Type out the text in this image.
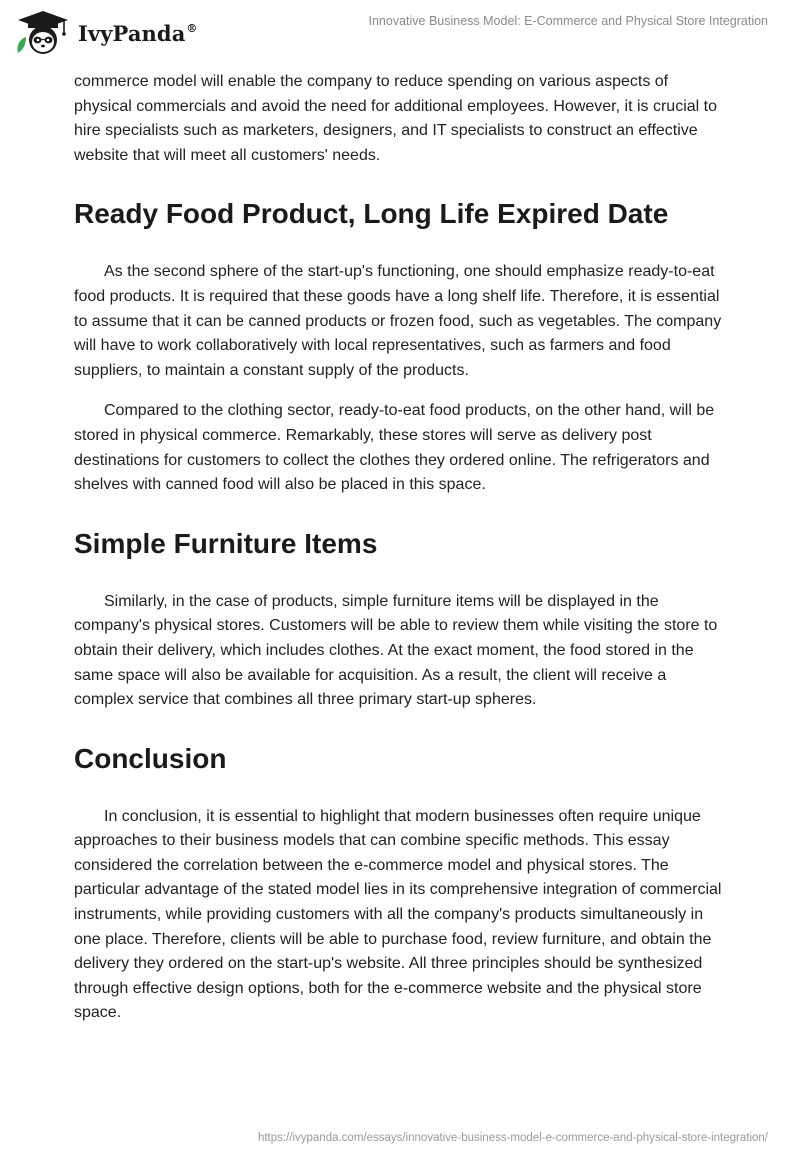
IvyPanda®	Innovative Business Model: E-Commerce and Physical Store Integration

commerce model will enable the company to reduce spending on various aspects of physical commercials and avoid the need for additional employees. However, it is crucial to hire specialists such as marketers, designers, and IT specialists to construct an effective website that will meet all customers' needs.

Ready Food Product, Long Life Expired Date

As the second sphere of the start-up's functioning, one should emphasize ready-to-eat food products. It is required that these goods have a long shelf life. Therefore, it is essential to assume that it can be canned products or frozen food, such as vegetables. The company will have to work collaboratively with local representatives, such as farmers and food suppliers, to maintain a constant supply of the products.

Compared to the clothing sector, ready-to-eat food products, on the other hand, will be stored in physical commerce. Remarkably, these stores will serve as delivery post destinations for customers to collect the clothes they ordered online. The refrigerators and shelves with canned food will also be placed in this space.

Simple Furniture Items

Similarly, in the case of products, simple furniture items will be displayed in the company's physical stores. Customers will be able to review them while visiting the store to obtain their delivery, which includes clothes. At the exact moment, the food stored in the same space will also be available for acquisition. As a result, the client will receive a complex service that combines all three primary start-up spheres.

Conclusion

In conclusion, it is essential to highlight that modern businesses often require unique approaches to their business models that can combine specific methods. This essay considered the correlation between the e-commerce model and physical stores. The particular advantage of the stated model lies in its comprehensive integration of commercial instruments, while providing customers with all the company's products simultaneously in one place. Therefore, clients will be able to purchase food, review furniture, and obtain the delivery they ordered on the start-up's website. All three principles should be synthesized through effective design options, both for the e-commerce website and the physical store space.

https://ivypanda.com/essays/innovative-business-model-e-commerce-and-physical-store-integration/
